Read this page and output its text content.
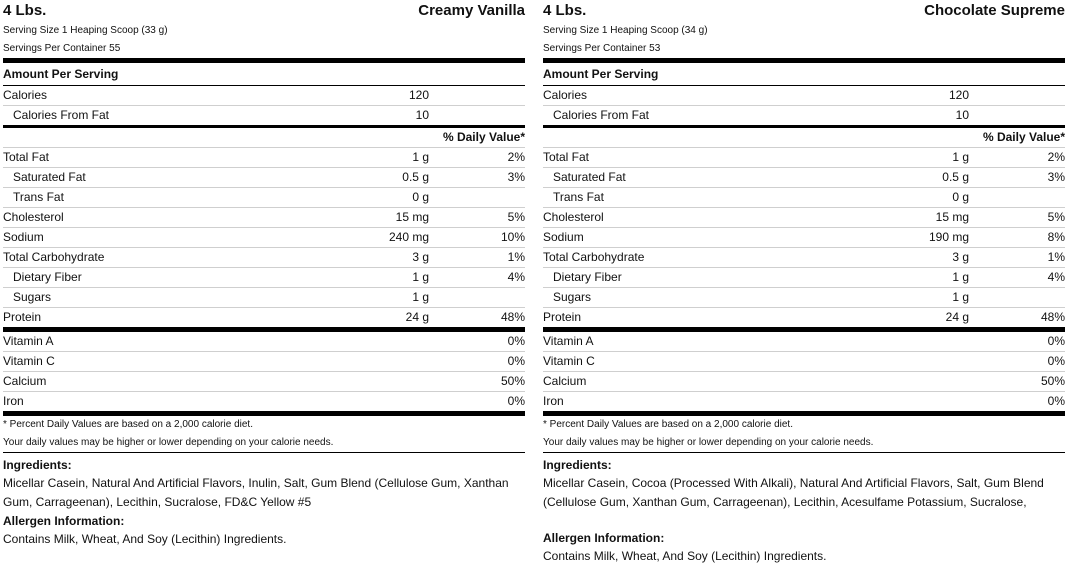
4 Lbs.	Creamy Vanilla
Serving Size 1 Heaping Scoop (33 g)
Servings Per Container 55
Amount Per Serving
Calories	120
Calories From Fat	10
% Daily Value*
Total Fat	1 g	2%
Saturated Fat	0.5 g	3%
Trans Fat	0 g
Cholesterol	15 mg	5%
Sodium	240 mg	10%
Total Carbohydrate	3 g	1%
Dietary Fiber	1 g	4%
Sugars	1 g
Protein	24 g	48%
Vitamin A	0%
Vitamin C	0%
Calcium	50%
Iron	0%
* Percent Daily Values are based on a 2,000 calorie diet.
Your daily values may be higher or lower depending on your calorie needs.
Ingredients:
Micellar Casein, Natural And Artificial Flavors, Inulin, Salt, Gum Blend (Cellulose Gum, Xanthan Gum, Carrageenan), Lecithin, Sucralose, FD&C Yellow #5
Allergen Information:
Contains Milk, Wheat, And Soy (Lecithin) Ingredients.
4 Lbs.	Chocolate Supreme
Serving Size 1 Heaping Scoop (34 g)
Servings Per Container 53
Amount Per Serving
Calories	120
Calories From Fat	10
% Daily Value*
Total Fat	1 g	2%
Saturated Fat	0.5 g	3%
Trans Fat	0 g
Cholesterol	15 mg	5%
Sodium	190 mg	8%
Total Carbohydrate	3 g	1%
Dietary Fiber	1 g	4%
Sugars	1 g
Protein	24 g	48%
Vitamin A	0%
Vitamin C	0%
Calcium	50%
Iron	0%
* Percent Daily Values are based on a 2,000 calorie diet.
Your daily values may be higher or lower depending on your calorie needs.
Ingredients:
Micellar Casein, Cocoa (Processed With Alkali), Natural And Artificial Flavors, Salt, Gum Blend (Cellulose Gum, Xanthan Gum, Carrageenan), Lecithin, Acesulfame Potassium, Sucralose,
Allergen Information:
Contains Milk, Wheat, And Soy (Lecithin) Ingredients.
